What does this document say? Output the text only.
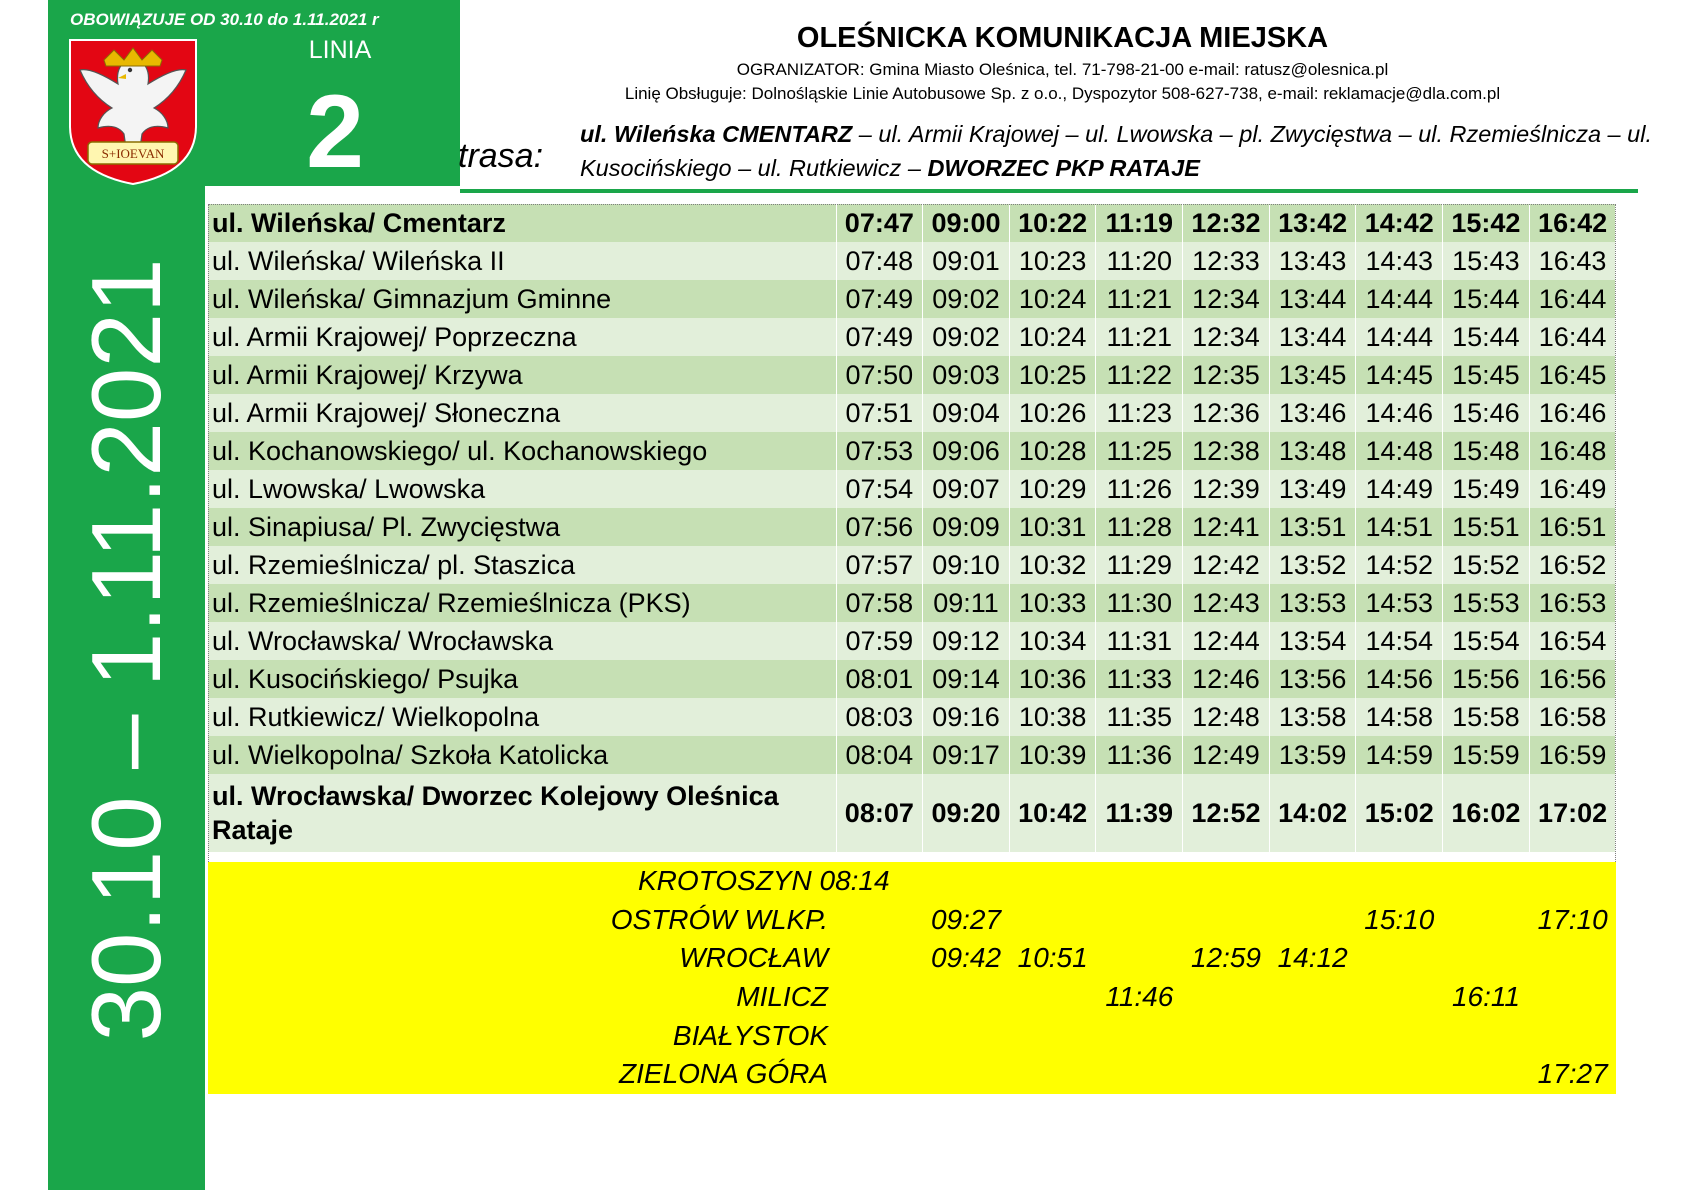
OBOWIĄZUJE OD 30.10 do 1.11.2021 r
S+IOEVAN
LINIA
2
30.10 – 1.11.2021
OLEŚNICKA KOMUNIKACJA MIEJSKA
OGRANIZATOR: Gmina Miasto Oleśnica, tel. 71-798-21-00 e-mail: ratusz@olesnica.pl
Linię Obsługuje: Dolnośląskie Linie Autobusowe Sp. z o.o., Dyspozytor 508-627-738, e-mail: reklamacje@dla.com.pl
trasa:
ul. Wileńska CMENTARZ – ul. Armii Krajowej – ul. Lwowska – pl. Zwycięstwa – ul. Rzemieślnicza – ul. Kusocińskiego – ul. Rutkiewicz – DWORZEC PKP RATAJE
ul. Wileńska/ Cmentarz	07:47	09:00	10:22	11:19	12:32	13:42	14:42	15:42	16:42
ul. Wileńska/ Wileńska II	07:48	09:01	10:23	11:20	12:33	13:43	14:43	15:43	16:43
ul. Wileńska/ Gimnazjum Gminne	07:49	09:02	10:24	11:21	12:34	13:44	14:44	15:44	16:44
ul. Armii Krajowej/ Poprzeczna	07:49	09:02	10:24	11:21	12:34	13:44	14:44	15:44	16:44
ul. Armii Krajowej/ Krzywa	07:50	09:03	10:25	11:22	12:35	13:45	14:45	15:45	16:45
ul. Armii Krajowej/ Słoneczna	07:51	09:04	10:26	11:23	12:36	13:46	14:46	15:46	16:46
ul. Kochanowskiego/ ul. Kochanowskiego	07:53	09:06	10:28	11:25	12:38	13:48	14:48	15:48	16:48
ul. Lwowska/ Lwowska	07:54	09:07	10:29	11:26	12:39	13:49	14:49	15:49	16:49
ul. Sinapiusa/ Pl. Zwycięstwa	07:56	09:09	10:31	11:28	12:41	13:51	14:51	15:51	16:51
ul. Rzemieślnicza/ pl. Staszica	07:57	09:10	10:32	11:29	12:42	13:52	14:52	15:52	16:52
ul. Rzemieślnicza/ Rzemieślnicza (PKS)	07:58	09:11	10:33	11:30	12:43	13:53	14:53	15:53	16:53
ul. Wrocławska/ Wrocławska	07:59	09:12	10:34	11:31	12:44	13:54	14:54	15:54	16:54
ul. Kusocińskiego/ Psujka	08:01	09:14	10:36	11:33	12:46	13:56	14:56	15:56	16:56
ul. Rutkiewicz/ Wielkopolna	08:03	09:16	10:38	11:35	12:48	13:58	14:58	15:58	16:58
ul. Wielkopolna/ Szkoła Katolicka	08:04	09:17	10:39	11:36	12:49	13:59	14:59	15:59	16:59
ul. Wrocławska/ Dworzec Kolejowy Oleśnica Rataje	08:07	09:20	10:42	11:39	12:52	14:02	15:02	16:02	17:02
KROTOSZYN 08:14									
OSTRÓW WLKP.		09:27					15:10		17:10
WROCŁAW		09:42	10:51		12:59	14:12			
MILICZ				11:46				16:11	
BIAŁYSTOK									
ZIELONA GÓRA									17:27
